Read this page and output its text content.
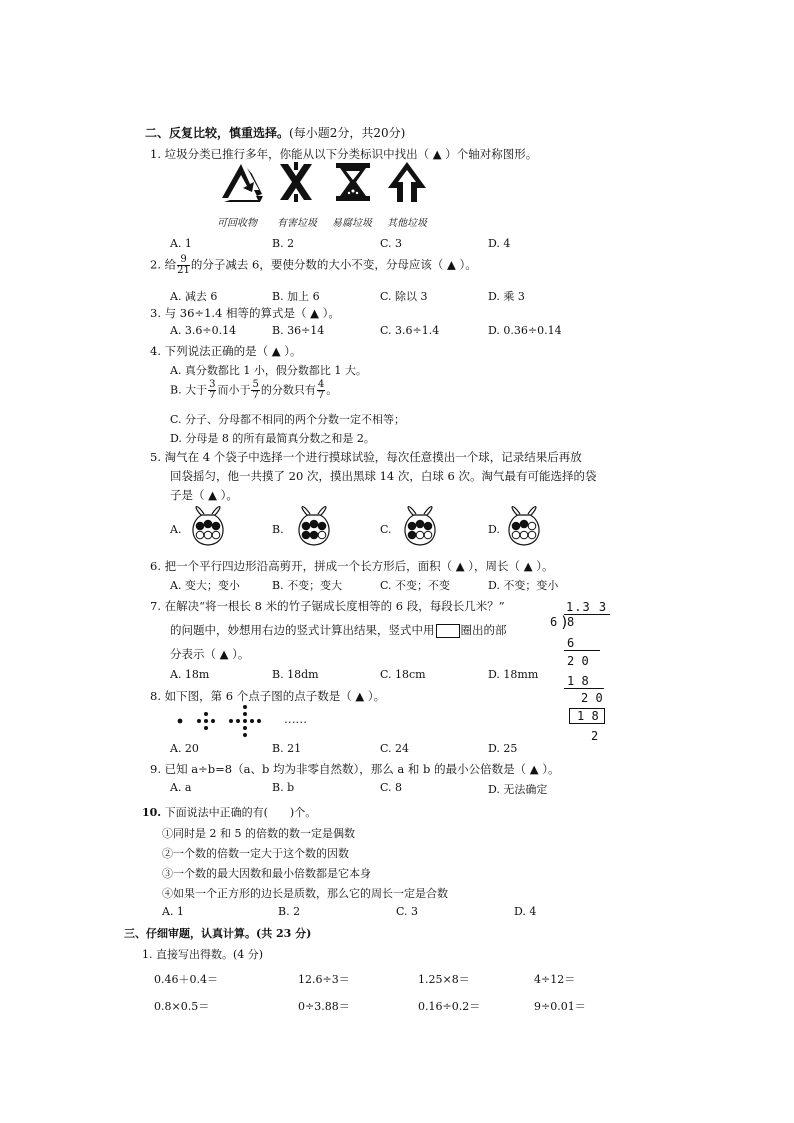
二、反复比较，慎重选择。(每小题2分，共20分)
1. 垃圾分类已推行多年，你能从以下分类标识中找出（ ▲ ）个轴对称图形。
可回收物 有害垃圾 易腐垃圾 其他垃圾
A. 1	B. 2	C. 3	D. 4
2. 给 $\frac{9}{21}$ 的分子减去 6，要使分数的大小不变，分母应该（ ▲ ）。
A. 减去 6	B. 加上 6	C. 除以 3	D. 乘 3
3. 与 36÷1.4 相等的算式是（ ▲ ）。
A. 3.6÷0.14	B. 36÷14	C. 3.6÷1.4	D. 0.36÷0.14
4. 下列说法正确的是（ ▲ ）。
A. 真分数都比 1 小，假分数都比 1 大。
B. 大于 $\frac{3}{7}$ 而小于 $\frac{5}{7}$ 的分数只有 $\frac{4}{7}$ 。
C. 分子、分母都不相同的两个分数一定不相等；
D. 分母是 8 的所有最简真分数之和是 2。
5. 淘气在 4 个袋子中选择一个进行摸球试验，每次任意摸出一个球，记录结果后再放
回袋摇匀，他一共摸了 20 次，摸出黑球 14 次，白球 6 次。淘气最有可能选择的袋
子是（ ▲ ）。
A.	B.	C.	D.
6. 把一个平行四边形沿高剪开，拼成一个长方形后，面积（ ▲ ），周长（ ▲ ）。
A. 变大；变小	B. 不变；变大	C. 不变；不变	D. 不变；变小
7. 在解决“将一根长 8 米的竹子锯成长度相等的 6 段，每段长几米？”
的问题中，妙想用右边的竖式计算出结果，竖式中用 圈出的部
分表示（ ▲ ）。
A. 18m	B. 18dm	C. 18cm	D. 18mm
1.3 3
6 )
8
6
2 0
1 8
2 0
1 8
2
8. 如下图，第 6 个点子图的点子数是（ ▲ ）。
……
A. 20	B. 21	C. 24	D. 25
9. 已知 a÷b=8（a、b 均为非零自然数），那么 a 和 b 的最小公倍数是（ ▲ ）。
A. a	B. b	C. 8	D. 无法确定
10. 下面说法中正确的有(　　)个。
①同时是 2 和 5 的倍数的数一定是偶数
②一个数的倍数一定大于这个数的因数
③一个数的最大因数和最小倍数都是它本身
④如果一个正方形的边长是质数，那么它的周长一定是合数
A. 1	B. 2	C. 3	D. 4
三、仔细审题，认真计算。(共 23 分)
1. 直接写出得数。(4 分)
0.46＋0.4＝	12.6÷3＝	1.25×8＝	4÷12＝
0.8×0.5＝	0÷3.88＝	0.16÷0.2＝	9÷0.01＝
